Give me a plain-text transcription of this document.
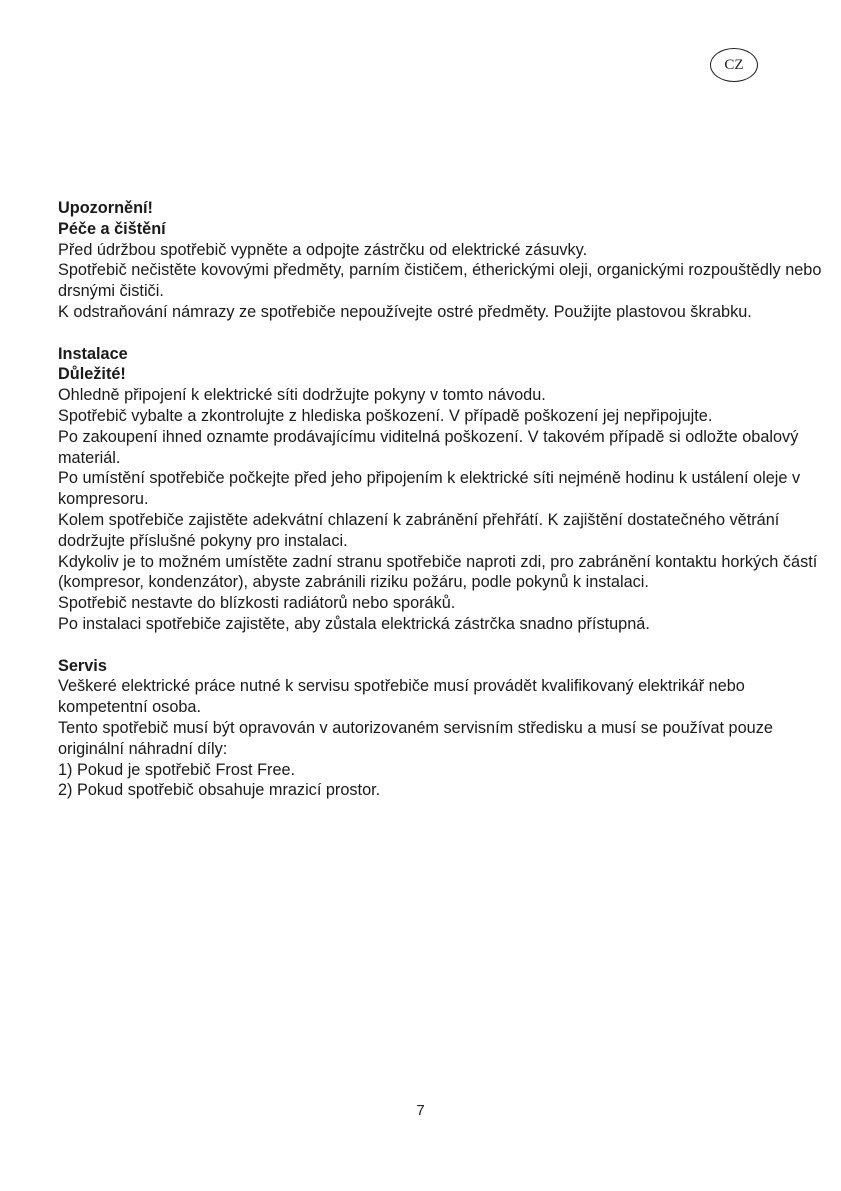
CZ

Upozornění!

Péče a čištění

Před údržbou spotřebič vypněte a odpojte zástrčku od elektrické zásuvky.

Spotřebič nečistěte kovovými předměty, parním čističem, étherickými oleji, organickými rozpouštědly nebo drsnými čističi.

K odstraňování námrazy ze spotřebiče nepoužívejte ostré předměty. Použijte plastovou škrabku.

Instalace

Důležité!

Ohledně připojení k elektrické síti dodržujte pokyny v tomto návodu.

Spotřebič vybalte a zkontrolujte z hlediska poškození. V případě poškození jej nepřipojujte.

Po zakoupení ihned oznamte prodávajícímu viditelná poškození. V takovém případě si odložte obalový materiál.

Po umístění spotřebiče počkejte před jeho připojením k elektrické síti nejméně hodinu k ustálení oleje v kompresoru.

Kolem spotřebiče zajistěte adekvátní chlazení k zabránění přehřátí. K zajištění dostatečného větrání dodržujte příslušné pokyny pro instalaci.

Kdykoliv je to možném umístěte zadní stranu spotřebiče naproti zdi, pro zabránění kontaktu horkých částí (kompresor, kondenzátor), abyste zabránili riziku požáru, podle pokynů k instalaci.

Spotřebič nestavte do blízkosti radiátorů nebo sporáků.

Po instalaci spotřebiče zajistěte, aby zůstala elektrická zástrčka snadno přístupná.

Servis

Veškeré elektrické práce nutné k servisu spotřebiče musí provádět kvalifikovaný elektrikář nebo kompetentní osoba.

Tento spotřebič musí být opravován v autorizovaném servisním středisku a musí se používat pouze originální náhradní díly:

1) Pokud je spotřebič Frost Free.

2) Pokud spotřebič obsahuje mrazicí prostor.

7
